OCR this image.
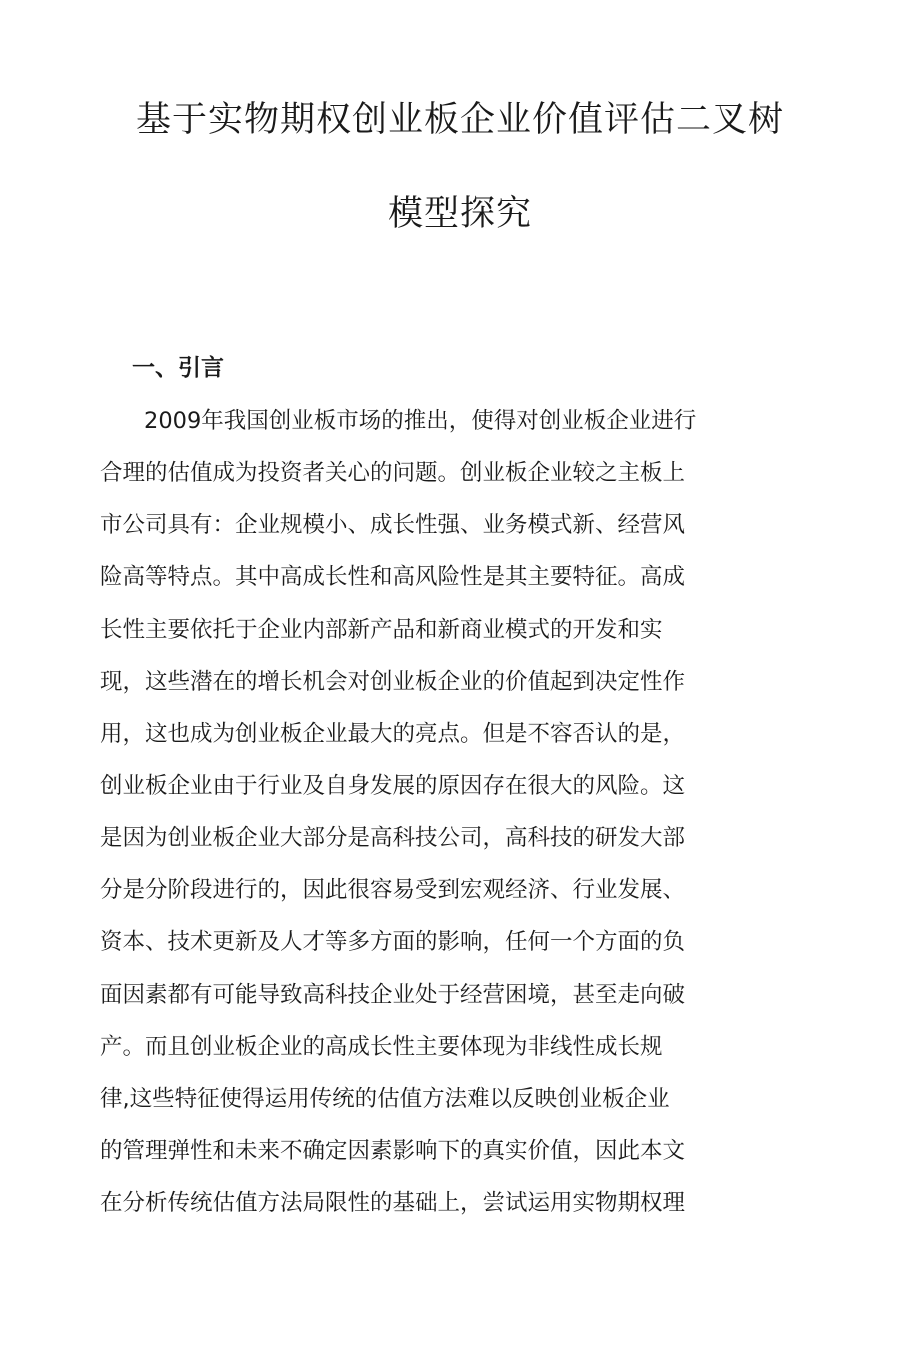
基于实物期权创业板企业价值评估二叉树
模型探究
一、引言

2009年我国创业板市场的推出，使得对创业板企业进行

合理的估值成为投资者关心的问题。创业板企业较之主板上

市公司具有：企业规模小、成长性强、业务模式新、经营风

险高等特点。其中高成长性和高风险性是其主要特征。高成

长性主要依托于企业内部新产品和新商业模式的开发和实

现，这些潜在的增长机会对创业板企业的价值起到决定性作

用，这也成为创业板企业最大的亮点。但是不容否认的是，

创业板企业由于行业及自身发展的原因存在很大的风险。这

是因为创业板企业大部分是高科技公司，高科技的研发大部

分是分阶段进行的，因此很容易受到宏观经济、行业发展、

资本、技术更新及人才等多方面的影响，任何一个方面的负

面因素都有可能导致高科技企业处于经营困境，甚至走向破

产。而且创业板企业的高成长性主要体现为非线性成长规

律,这些特征使得运用传统的估值方法难以反映创业板企业

的管理弹性和未来不确定因素影响下的真实价值，因此本文

在分析传统估值方法局限性的基础上，尝试运用实物期权理
